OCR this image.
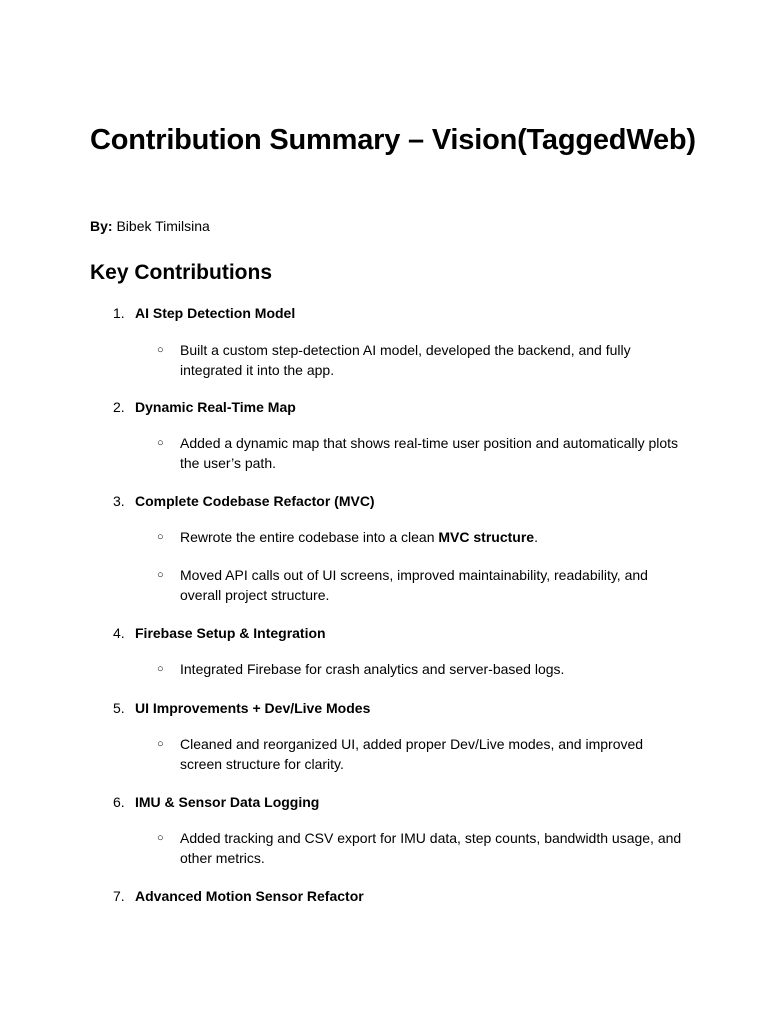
Contribution Summary – Vision(TaggedWeb)

By: Bibek Timilsina

Key Contributions
1. AI Step Detection Model
○ Built a custom step-detection AI model, developed the backend, and fully integrated it into the app.
2. Dynamic Real-Time Map
○ Added a dynamic map that shows real-time user position and automatically plots the user’s path.
3. Complete Codebase Refactor (MVC)
○ Rewrote the entire codebase into a clean MVC structure.
○ Moved API calls out of UI screens, improved maintainability, readability, and overall project structure.
4. Firebase Setup & Integration
○ Integrated Firebase for crash analytics and server-based logs.
5. UI Improvements + Dev/Live Modes
○ Cleaned and reorganized UI, added proper Dev/Live modes, and improved screen structure for clarity.
6. IMU & Sensor Data Logging
○ Added tracking and CSV export for IMU data, step counts, bandwidth usage, and other metrics.
7. Advanced Motion Sensor Refactor
